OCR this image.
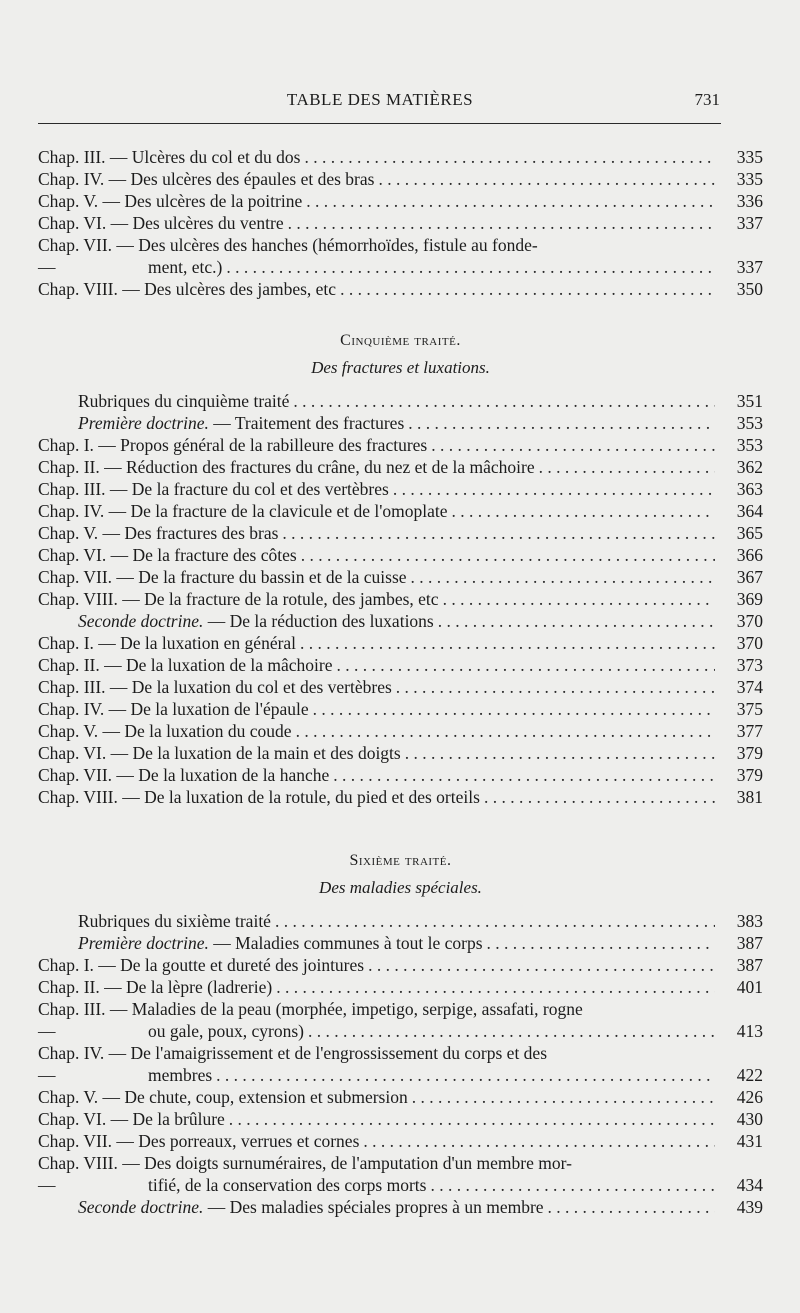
TABLE DES MATIÈRES	731
Chap. III. — Ulcères du col et du dos . . .	335
Chap. IV. — Des ulcères des épaules et des bras . . .	335
Chap. V. — Des ulcères de la poitrine . . .	336
Chap. VI. — Des ulcères du ventre . . .	337
Chap. VII. — Des ulcères des hanches (hémorrhoïdes, fistule au fonde-
—	ment, etc.) . . .	337
Chap. VIII. — Des ulcères des jambes, etc . . .	350
Cinquième traité.
Des fractures et luxations.
Rubriques du cinquième traité . . .	351
Première doctrine. — Traitement des fractures . . .	353
Chap. I. — Propos général de la rabilleure des fractures . . .	353
Chap. II. — Réduction des fractures du crâne, du nez et de la mâchoire . . .	362
Chap. III. — De la fracture du col et des vertèbres . . .	363
Chap. IV. — De la fracture de la clavicule et de l'omoplate . . .	364
Chap. V. — Des fractures des bras . . .	365
Chap. VI. — De la fracture des côtes . . .	366
Chap. VII. — De la fracture du bassin et de la cuisse . . .	367
Chap. VIII. — De la fracture de la rotule, des jambes, etc . . .	369
Seconde doctrine. — De la réduction des luxations . . .	370
Chap. I. — De la luxation en général . . .	370
Chap. II. — De la luxation de la mâchoire . . .	373
Chap. III. — De la luxation du col et des vertèbres . . .	374
Chap. IV. — De la luxation de l'épaule . . .	375
Chap. V. — De la luxation du coude . . .	377
Chap. VI. — De la luxation de la main et des doigts . . .	379
Chap. VII. — De la luxation de la hanche . . .	379
Chap. VIII. — De la luxation de la rotule, du pied et des orteils . . .	381
Sixième traité.
Des maladies spéciales.
Rubriques du sixième traité . . .	383
Première doctrine. — Maladies communes à tout le corps . . .	387
Chap. I. — De la goutte et dureté des jointures . . .	387
Chap. II. — De la lèpre (ladrerie) . . .	401
Chap. III. — Maladies de la peau (morphée, impetigo, serpige, assafati, rogne
—	ou gale, poux, cyrons) . . .	413
Chap. IV. — De l'amaigrissement et de l'engrossissement du corps et des
—	membres . . .	422
Chap. V. — De chute, coup, extension et submersion . . .	426
Chap. VI. — De la brûlure . . .	430
Chap. VII. — Des porreaux, verrues et cornes . . .	431
Chap. VIII. — Des doigts surnuméraires, de l'amputation d'un membre mor-
—	tifié, de la conservation des corps morts . . .	434
Seconde doctrine. — Des maladies spéciales propres à un membre . . .	439
